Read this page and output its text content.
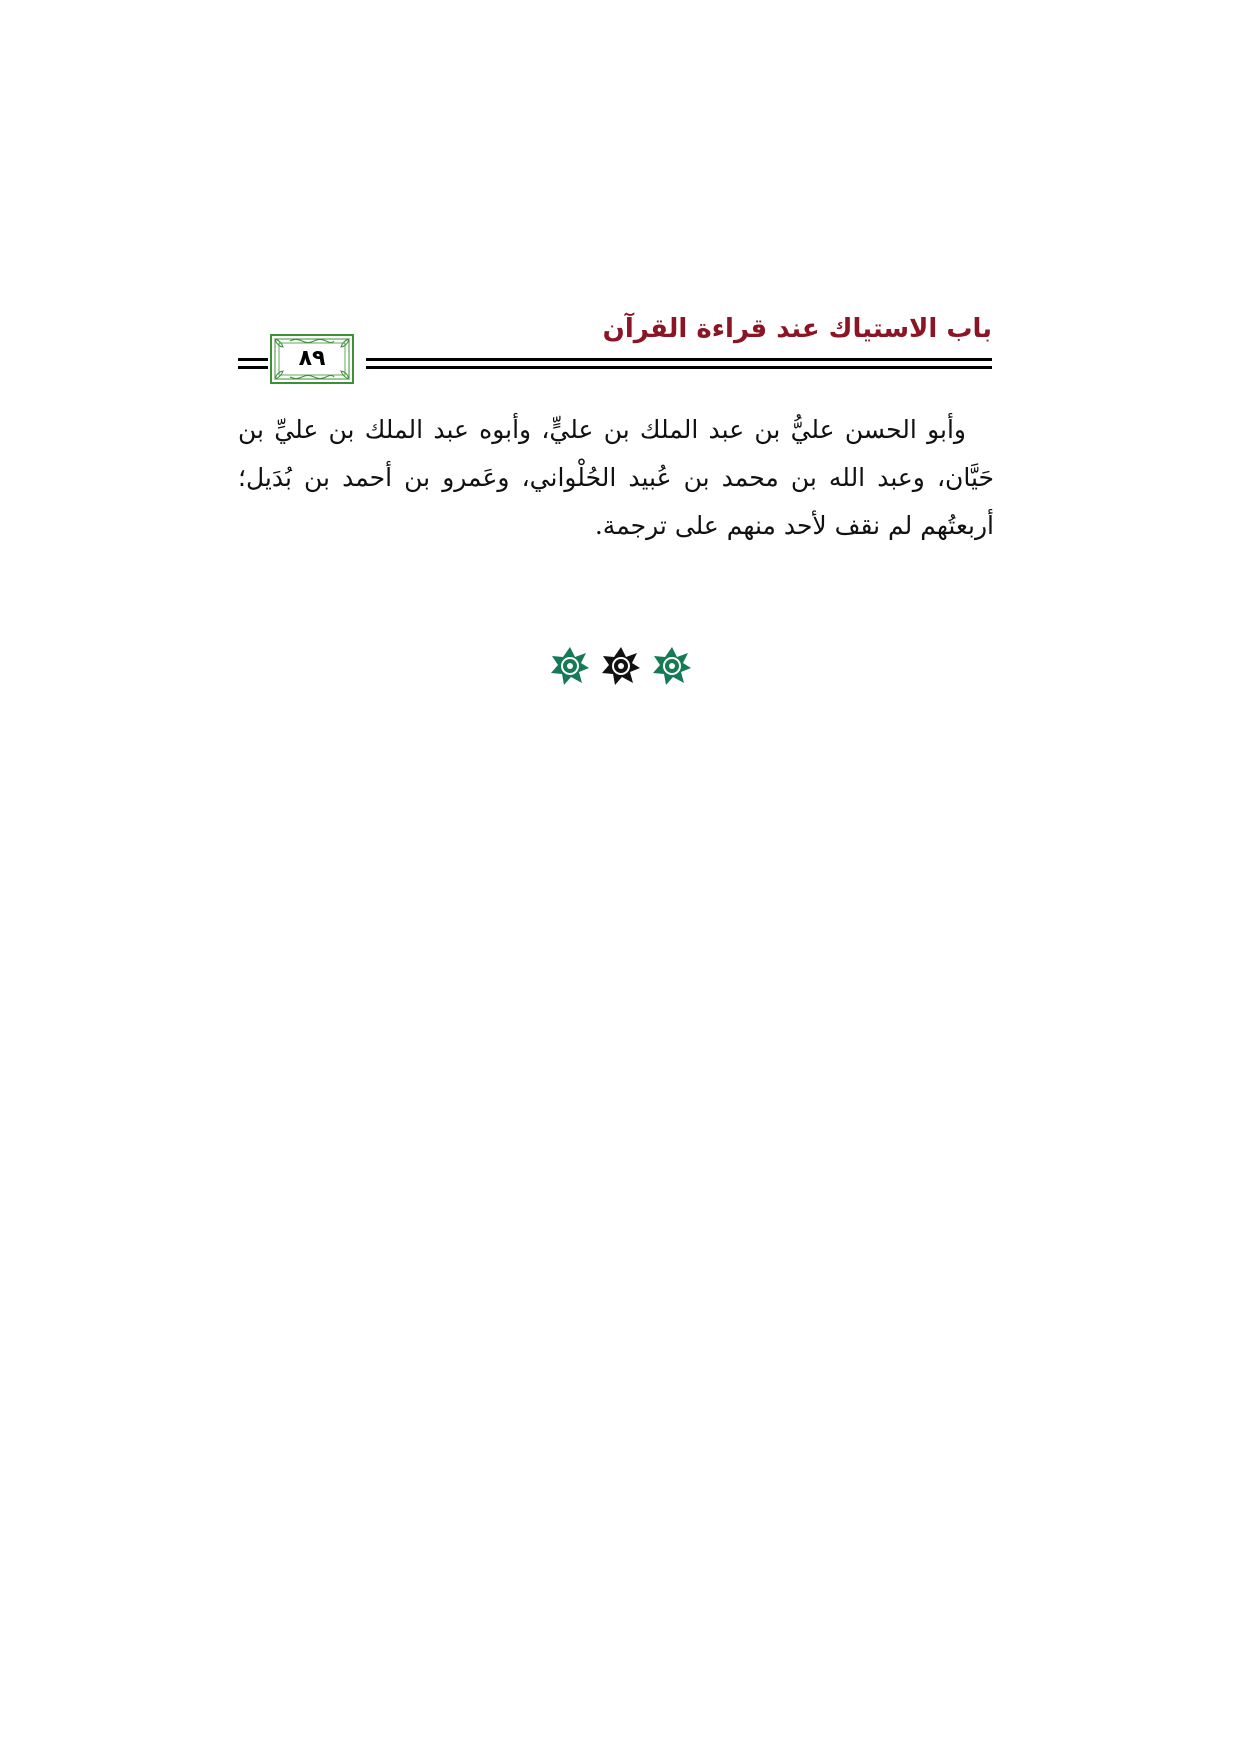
باب الاستياك عند قراءة القرآن
٨٩

وأبو الحسن عليُّ بن عبد الملك بن عليٍّ، وأبوه عبد الملك بن عليِّ بن حَيَّان، وعبد الله بن محمد بن عُبيد الحُلْواني، وعَمرو بن أحمد بن بُدَيل؛ أربعتُهم لم نقف لأحد منهم على ترجمة.
